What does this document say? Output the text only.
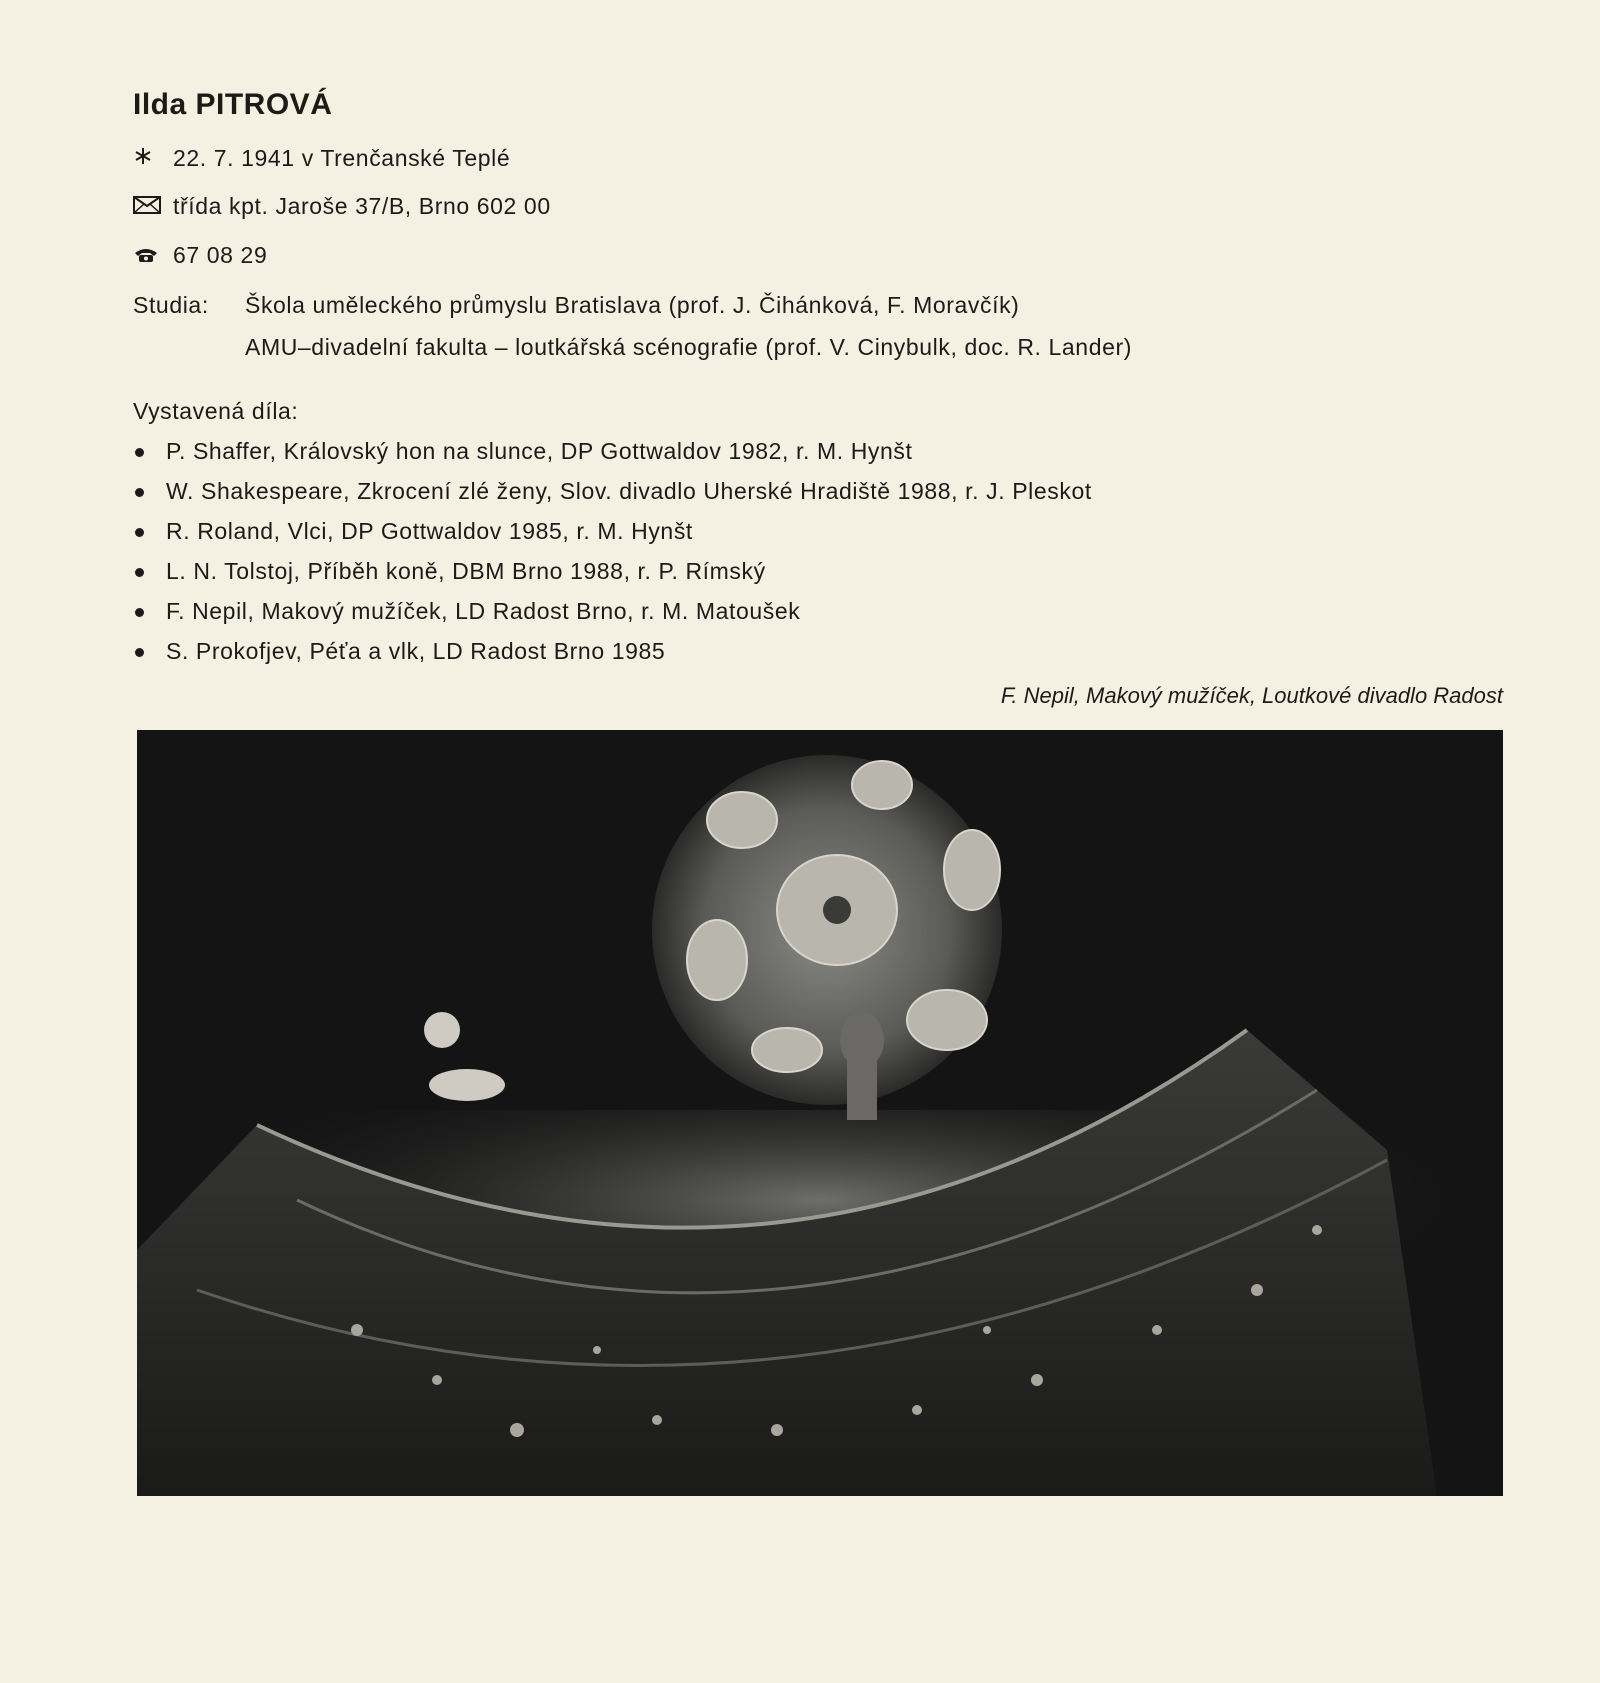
Ilda PITROVÁ
22. 7. 1941 v Trenčanské Teplé
třída kpt. Jaroše 37/B, Brno 602 00
67 08 29
Studia: Škola uměleckého průmyslu Bratislava (prof. J. Čihánková, F. Moravčík)
AMU–divadelní fakulta – loutkářská scénografie (prof. V. Cinybulk, doc. R. Lander)
Vystavená díla:
P. Shaffer, Královský hon na slunce, DP Gottwaldov 1982, r. M. Hynšt
W. Shakespeare, Zkrocení zlé ženy, Slov. divadlo Uherské Hradiště 1988, r. J. Pleskot
R. Roland, Vlci, DP Gottwaldov 1985, r. M. Hynšt
L. N. Tolstoj, Příběh koně, DBM Brno 1988, r. P. Rímský
F. Nepil, Makový mužíček, LD Radost Brno, r. M. Matoušek
S. Prokofjev, Péťa a vlk, LD Radost Brno 1985
F. Nepil, Makový mužíček, Loutkové divadlo Radost
